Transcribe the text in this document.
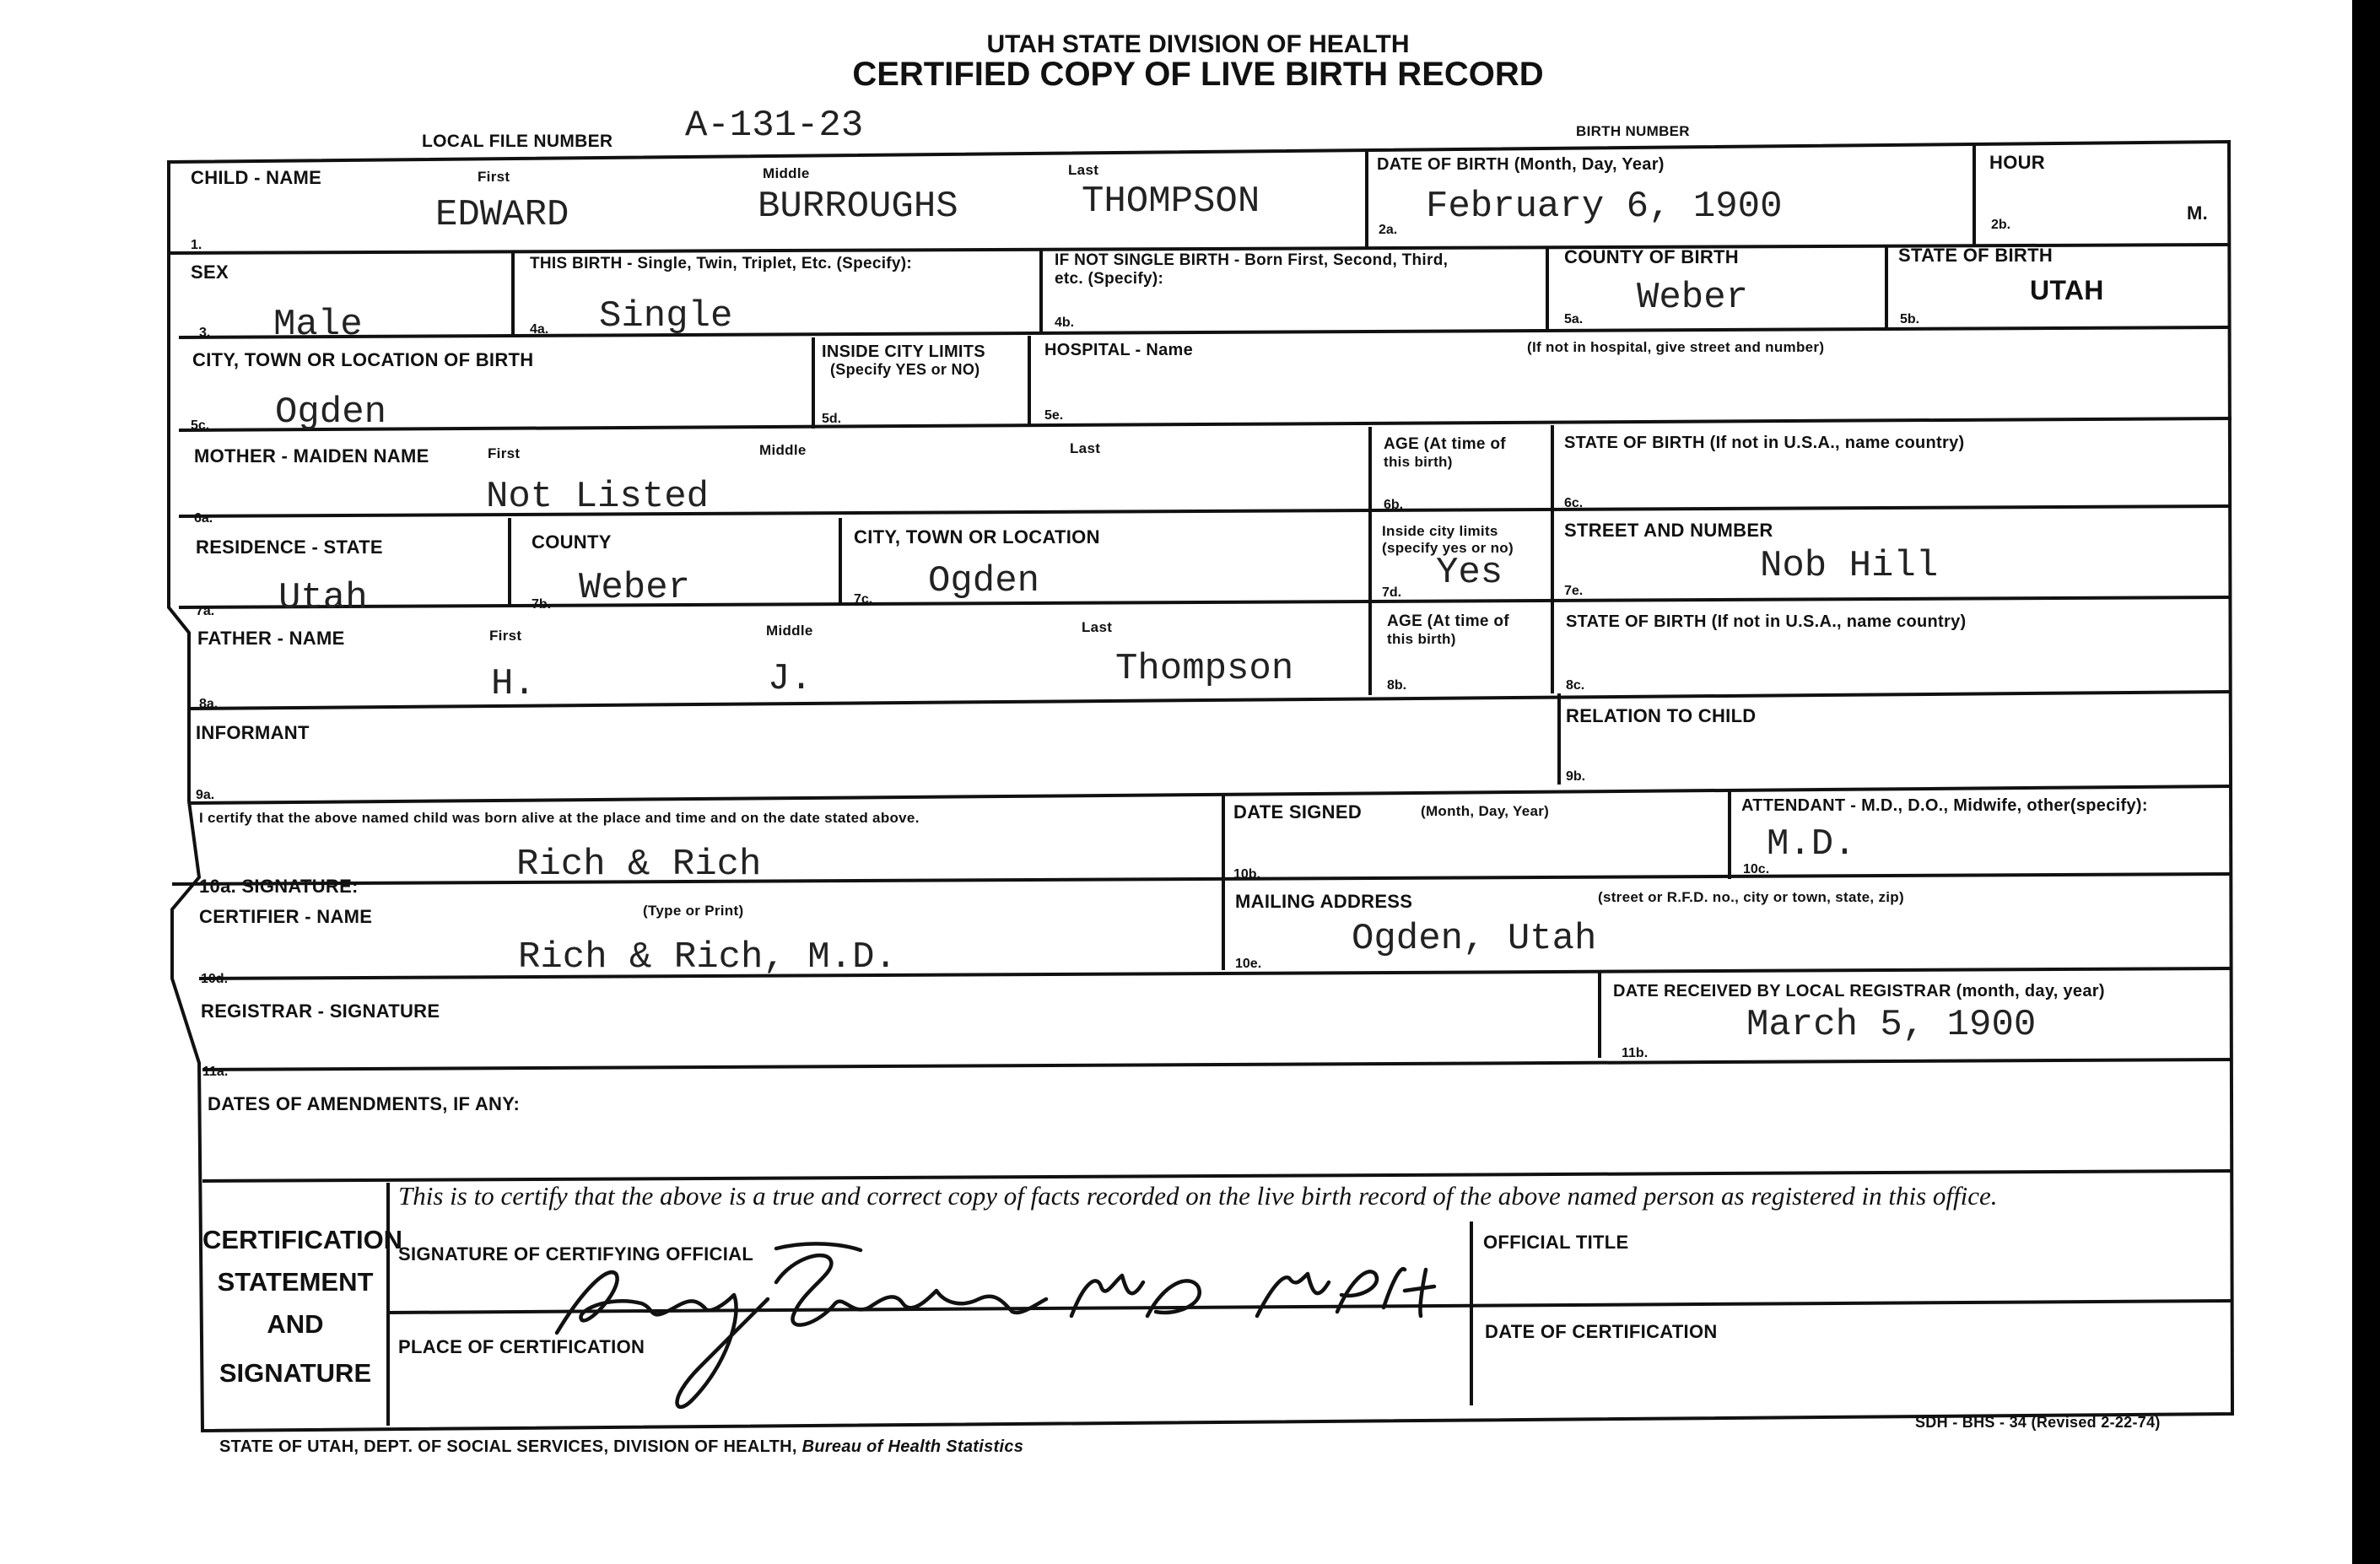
UTAH STATE DIVISION OF HEALTH
CERTIFIED COPY OF LIVE BIRTH RECORD
LOCAL FILE NUMBER A-131-23	BIRTH NUMBER
CHILD - NAME	First	Middle	Last
EDWARD	BURROUGHS	THOMPSON
1.
DATE OF BIRTH (Month, Day, Year)
February 6, 1900
2a.
HOUR
2b.
M.
SEX
Male
3.
THIS BIRTH - Single, Twin, Triplet, Etc. (Specify):
Single
4a.
IF NOT SINGLE BIRTH - Born First, Second, Third,
etc. (Specify):
4b.
COUNTY OF BIRTH
Weber
5a.
STATE OF BIRTH
UTAH
5b.
CITY, TOWN OR LOCATION OF BIRTH
Ogden
5c.
INSIDE CITY LIMITS
(Specify YES or NO)
5d.
HOSPITAL - Name	(If not in hospital, give street and number)
5e.
MOTHER - MAIDEN NAME	First	Middle	Last
Not Listed
6a.
AGE (At time of
this birth)
6b.
STATE OF BIRTH (If not in U.S.A., name country)
6c.
RESIDENCE - STATE
Utah
7a.
COUNTY
Weber
7b.
CITY, TOWN OR LOCATION
Ogden
7c.
Inside city limits
(specify yes or no)
Yes
7d.
STREET AND NUMBER
Nob Hill
7e.
FATHER - NAME	First	Middle	Last
H.	J.	Thompson
8a.
AGE (At time of
this birth)
8b.
STATE OF BIRTH (If not in U.S.A., name country)
8c.
INFORMANT
9a.
RELATION TO CHILD
9b.
I certify that the above named child was born alive at the place and time and on the date stated above.
10a. SIGNATURE:
Rich & Rich
DATE SIGNED	(Month, Day, Year)
10b.
ATTENDANT - M.D., D.O., Midwife, other(specify):
M.D.
10c.
CERTIFIER - NAME	(Type or Print)
Rich & Rich, M.D.
10d.
MAILING ADDRESS	(street or R.F.D. no., city or town, state, zip)
Ogden, Utah
10e.
REGISTRAR - SIGNATURE
11a.
DATE RECEIVED BY LOCAL REGISTRAR (month, day, year)
March 5, 1900
11b.
DATES OF AMENDMENTS, IF ANY:
CERTIFICATION
STATEMENT
AND
SIGNATURE
This is to certify that the above is a true and correct copy of facts recorded on the live birth record of the above named person as registered in this office.
SIGNATURE OF CERTIFYING OFFICIAL
OFFICIAL TITLE
PLACE OF CERTIFICATION
DATE OF CERTIFICATION
STATE OF UTAH, DEPT. OF SOCIAL SERVICES, DIVISION OF HEALTH, Bureau of Health Statistics
SDH - BHS - 34 (Revised 2-22-74)
